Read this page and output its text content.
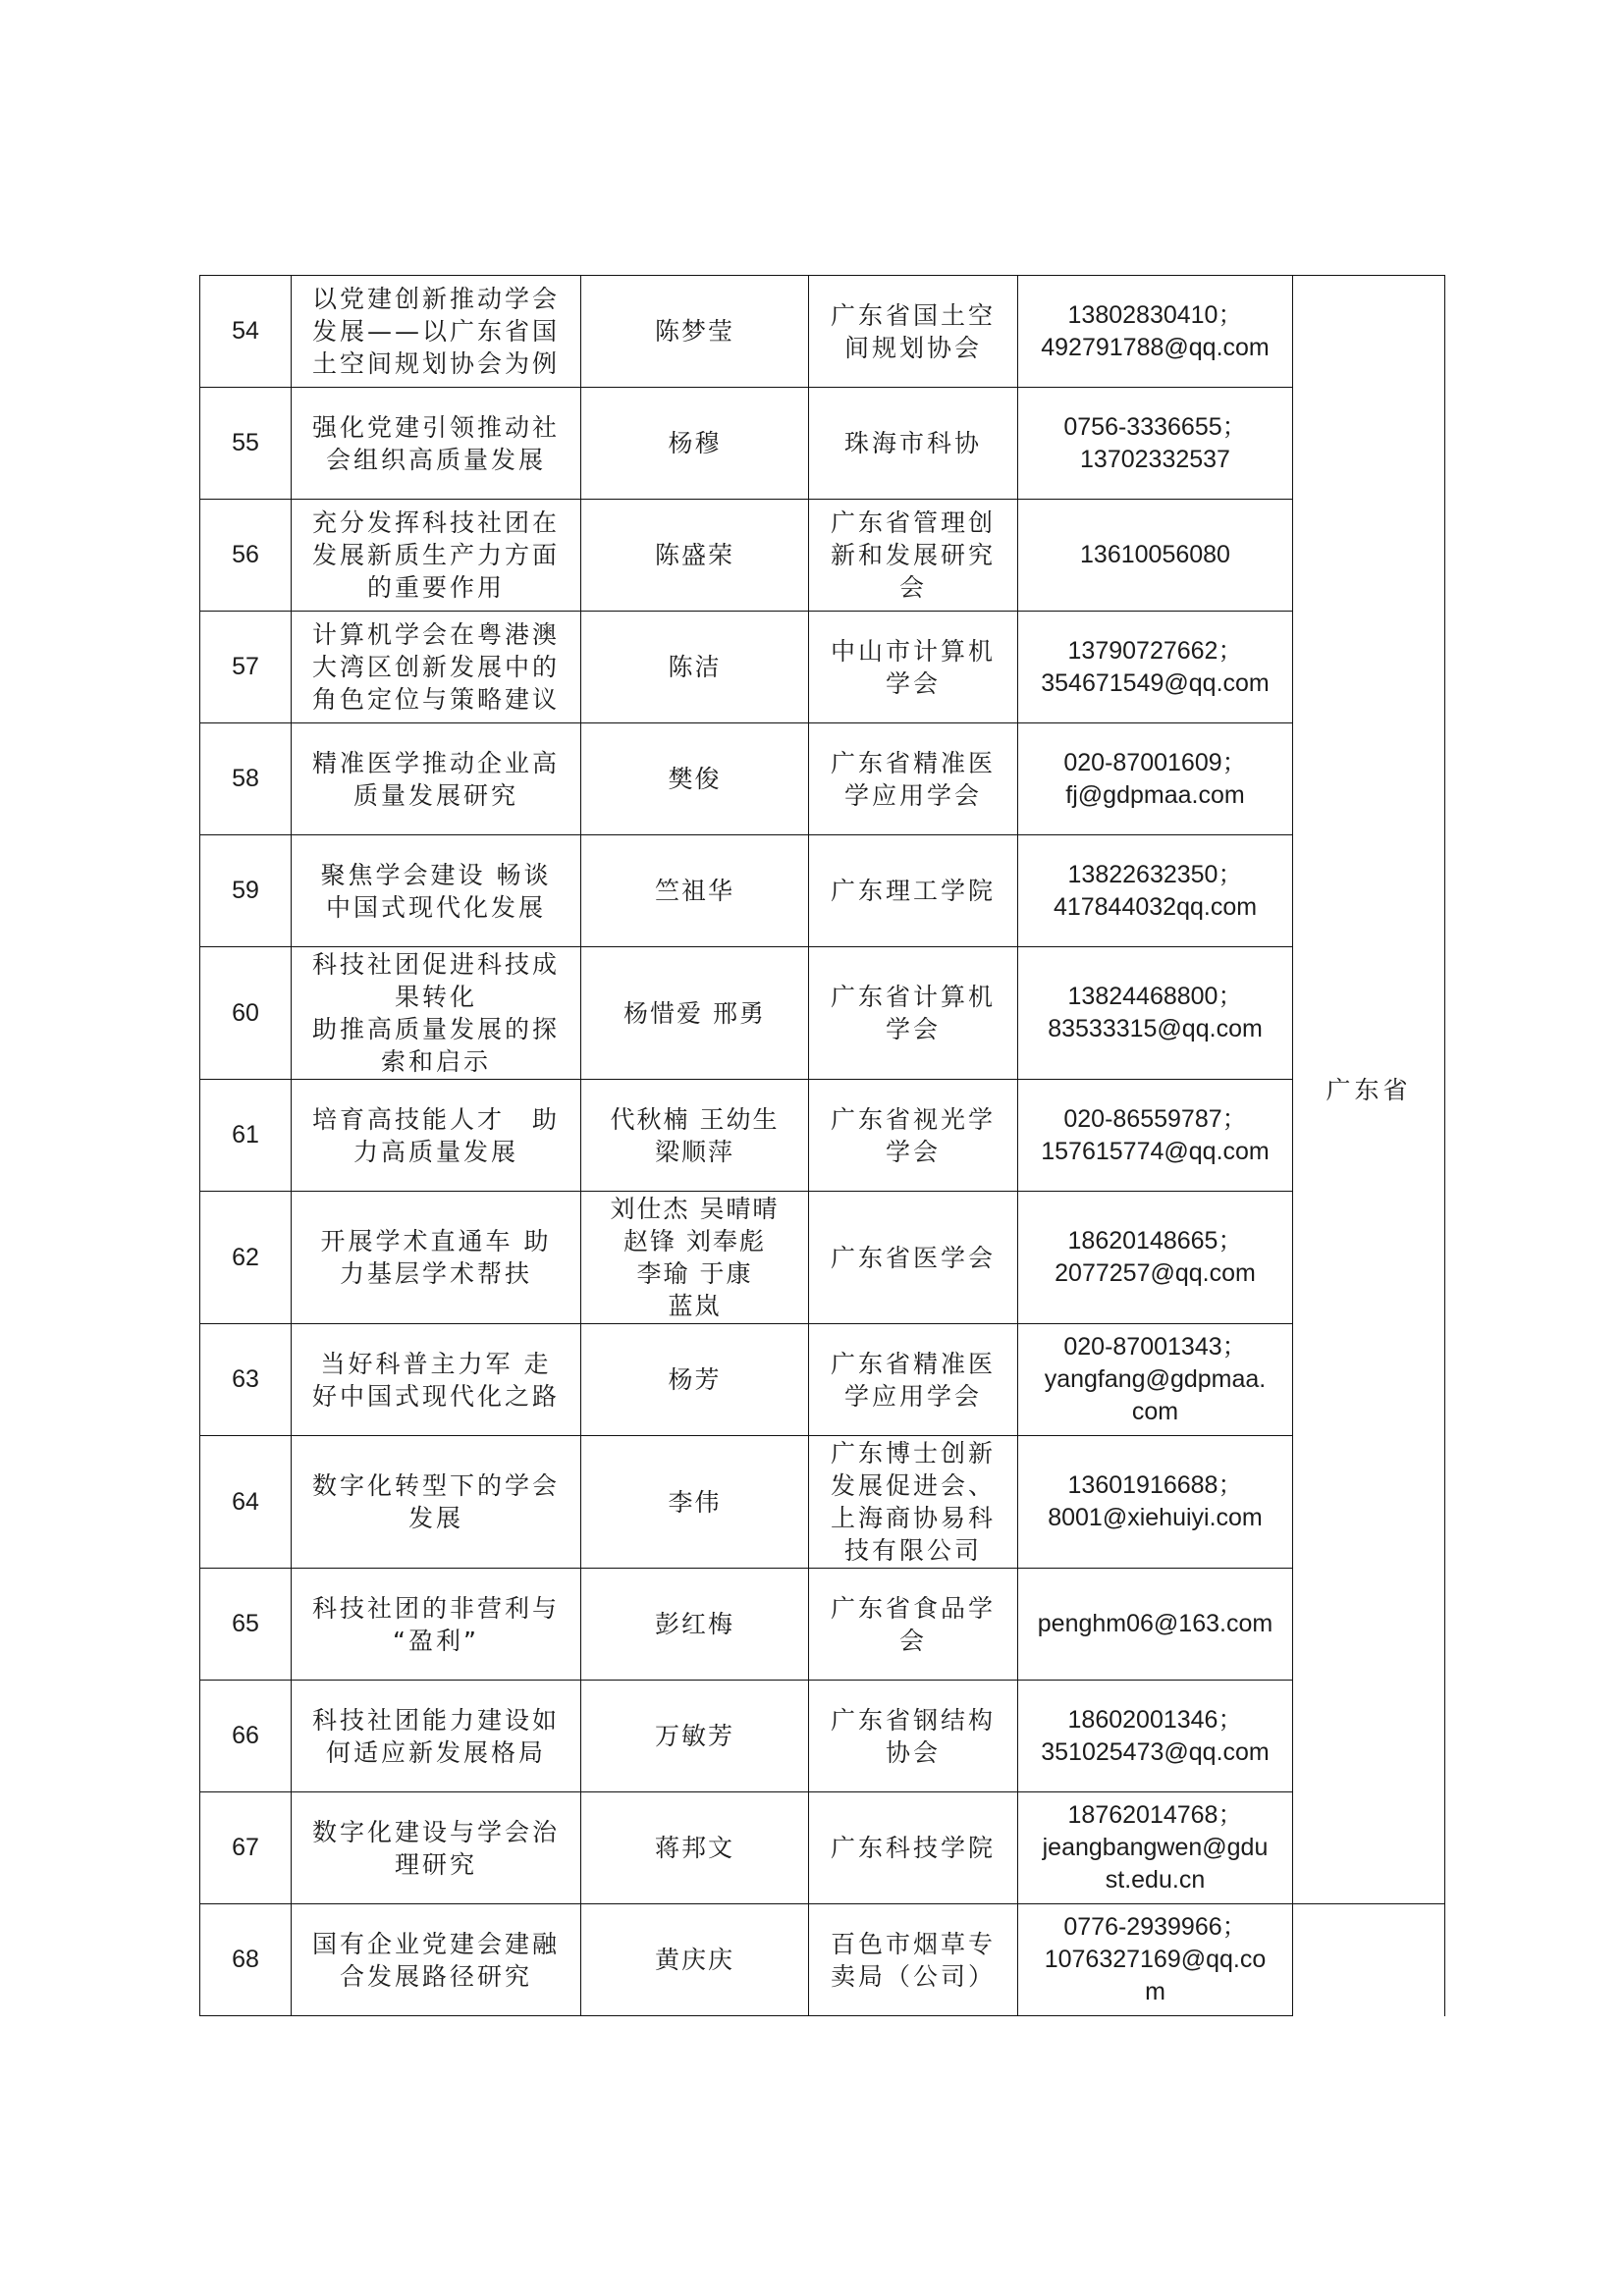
54	以党建创新推动学会
发展——以广东省国
土空间规划协会为例	陈梦莹	广东省国土空
间规划协会	13802830410；
492791788@qq.com	广东省
55	强化党建引领推动社
会组织高质量发展	杨穆	珠海市科协	0756-3336655；
13702332537	
56	充分发挥科技社团在
发展新质生产力方面
的重要作用	陈盛荣	广东省管理创
新和发展研究
会	13610056080	
57	计算机学会在粤港澳
大湾区创新发展中的
角色定位与策略建议	陈洁	中山市计算机
学会	13790727662；
354671549@qq.com	
58	精准医学推动企业高
质量发展研究	樊俊	广东省精准医
学应用学会	020-87001609；
fj@gdpmaa.com	
59	聚焦学会建设 畅谈
中国式现代化发展	竺祖华	广东理工学院	13822632350；
417844032qq.com	
60	科技社团促进科技成
果转化
助推高质量发展的探
索和启示	杨惜爱 邢勇	广东省计算机
学会	13824468800；
83533315@qq.com	
61	培育高技能人才　助
力高质量发展	代秋楠 王幼生
梁顺萍	广东省视光学
学会	020-86559787；
157615774@qq.com	
62	开展学术直通车 助
力基层学术帮扶	刘仕杰 吴晴晴
赵锋 刘奉彪
李瑜 于康
蓝岚	广东省医学会	18620148665；
2077257@qq.com	
63	当好科普主力军 走
好中国式现代化之路	杨芳	广东省精准医
学应用学会	020-87001343；
yangfang@gdpmaa.
com	
64	数字化转型下的学会
发展	李伟	广东博士创新
发展促进会、
上海商协易科
技有限公司	13601916688；
8001@xiehuiyi.com	
65	科技社团的非营利与
“盈利”	彭红梅	广东省食品学
会	penghm06@163.com	
66	科技社团能力建设如
何适应新发展格局	万敏芳	广东省钢结构
协会	18602001346；
351025473@qq.com	
67	数字化建设与学会治
理研究	蒋邦文	广东科技学院	18762014768；
jeangbangwen@gdu
st.edu.cn	
68	国有企业党建会建融
合发展路径研究	黄庆庆	百色市烟草专
卖局（公司）	0776-2939966；
1076327169@qq.co
m	
